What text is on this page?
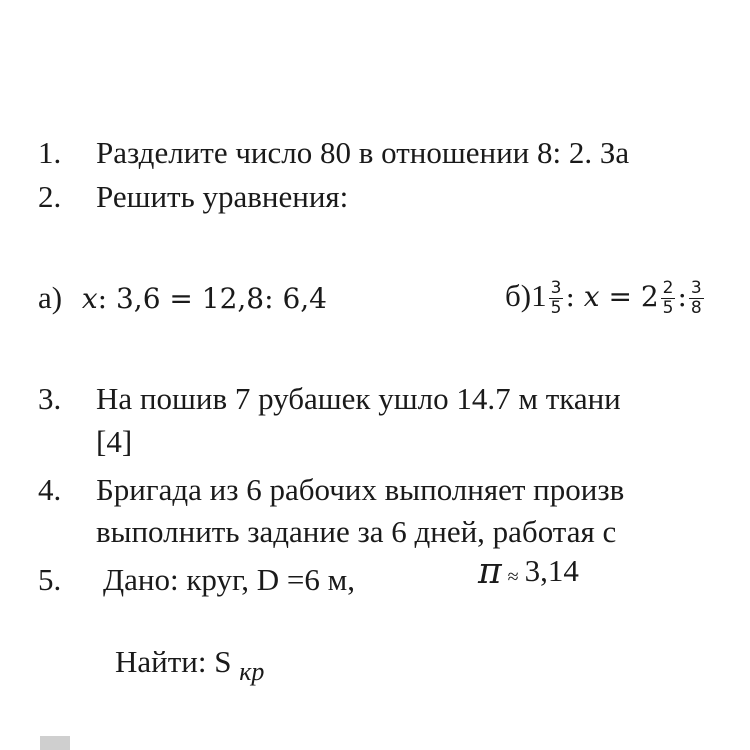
1. Разделите число 80 в отношении 8: 2. За
2. Решить уравнения:
а) x: 3,6 = 12,8: 6,4	$б)1 \frac{3}{5}$ : $x = 2 \frac{2}{5}$ : $\frac{3}{8}$
3. На пошив 7 рубашек ушло 14.7 м ткани
[4]
4. Бригада из 6 рабочих выполняет произв
выполнить задание за 6 дней, работая с
5. Дано: круг, D =6 м,	π ≈ 3,14
Найти: S $_{кр}$
